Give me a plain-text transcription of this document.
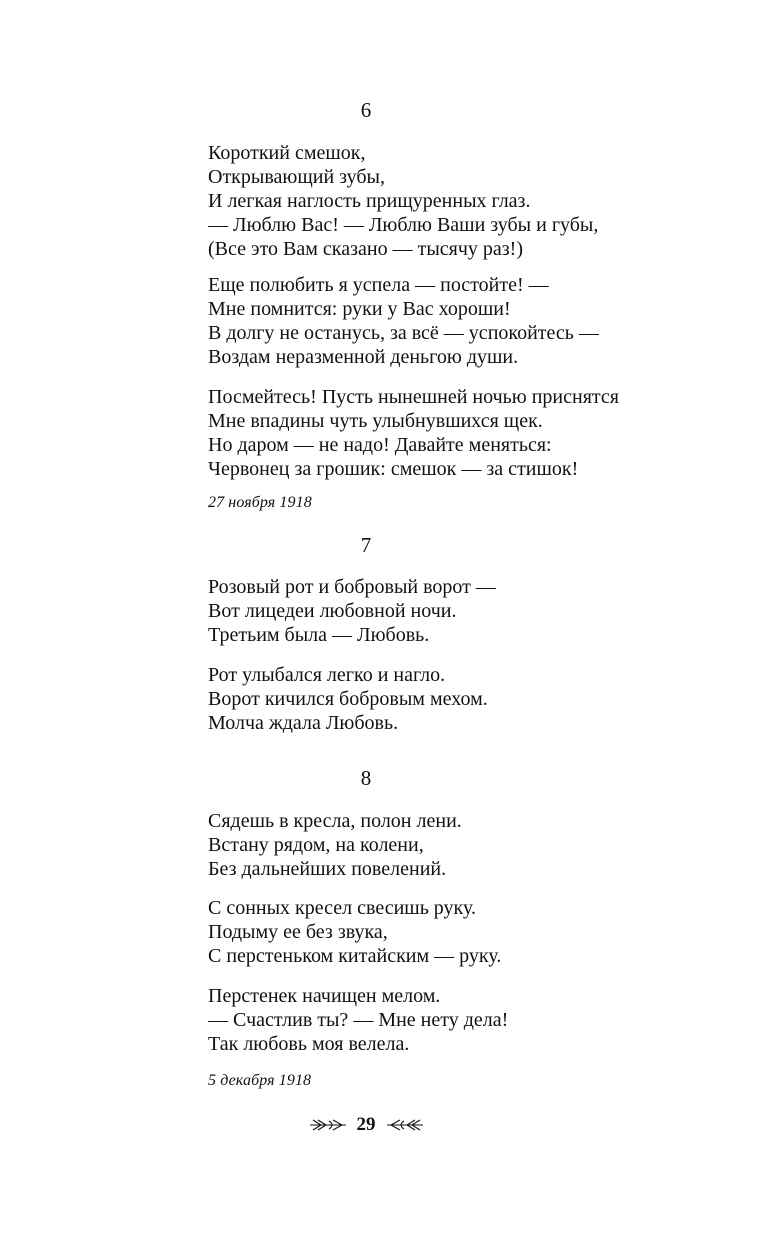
6
Короткий смешок,
Открывающий зубы,
И легкая наглость прищуренных глаз.
— Люблю Вас! — Люблю Ваши зубы и губы,
(Все это Вам сказано — тысячу раз!)
Еще полюбить я успела — постойте! —
Мне помнится: руки у Вас хороши!
В долгу не останусь, за всё — успокойтесь —
Воздам неразменной деньгою души.
Посмейтесь! Пусть нынешней ночью приснятся
Мне впадины чуть улыбнувшихся щек.
Но даром — не надо! Давайте меняться:
Червонец за грошик: смешок — за стишок!
27 ноября 1918
7
Розовый рот и бобровый ворот —
Вот лицедеи любовной ночи.
Третьим была — Любовь.
Рот улыбался легко и нагло.
Ворот кичился бобровым мехом.
Молча ждала Любовь.
8
Сядешь в кресла, полон лени.
Встану рядом, на колени,
Без дальнейших повелений.
С сонных кресел свесишь руку.
Подыму ее без звука,
С перстеньком китайским — руку.
Перстенек начищен мелом.
— Счастлив ты? — Мне нету дела!
Так любовь моя велела.
5 декабря 1918
29
